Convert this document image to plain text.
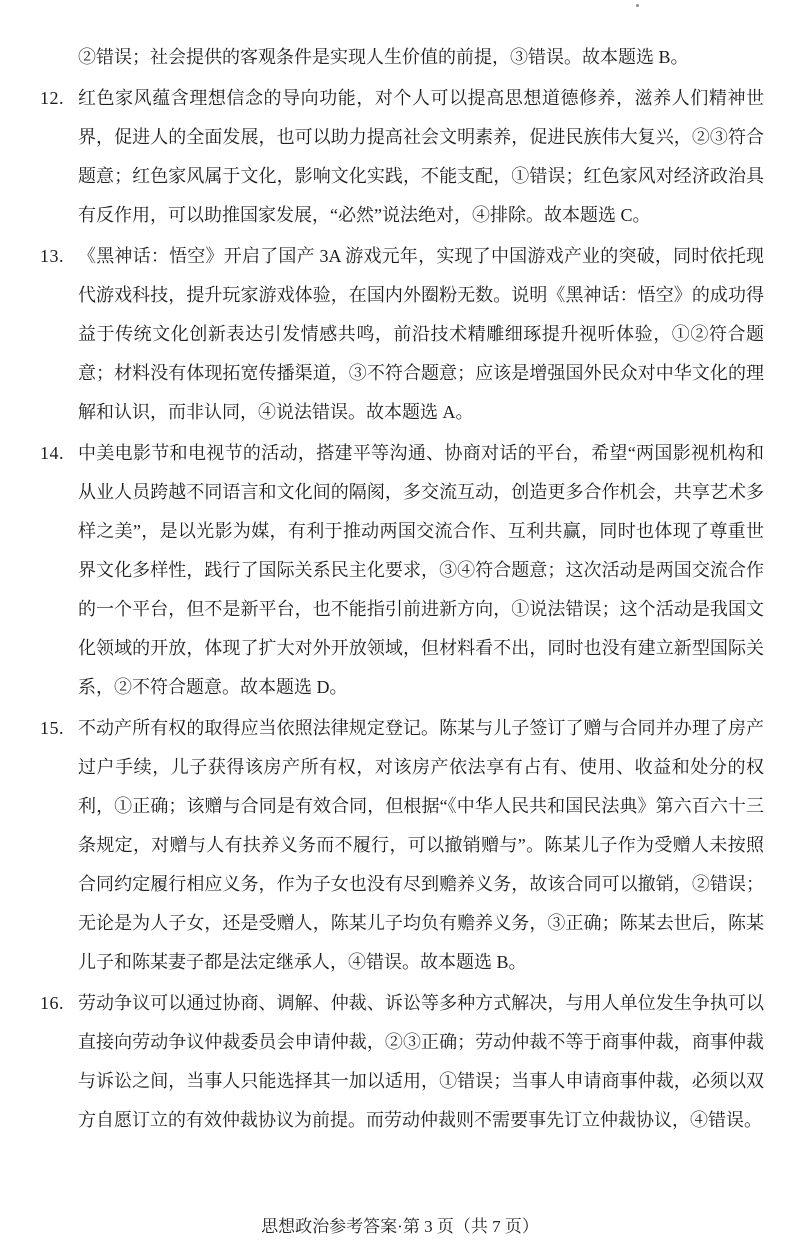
②错误；社会提供的客观条件是实现人生价值的前提，③错误。故本题选 B。

12. 红色家风蕴含理想信念的导向功能，对个人可以提高思想道德修养，滋养人们精神世界，促进人的全面发展，也可以助力提高社会文明素养，促进民族伟大复兴，②③符合题意；红色家风属于文化，影响文化实践，不能支配，①错误；红色家风对经济政治具有反作用，可以助推国家发展，“必然”说法绝对，④排除。故本题选 C。

13. 《黑神话：悟空》开启了国产 3A 游戏元年，实现了中国游戏产业的突破，同时依托现代游戏科技，提升玩家游戏体验，在国内外圈粉无数。说明《黑神话：悟空》的成功得益于传统文化创新表达引发情感共鸣，前沿技术精雕细琢提升视听体验，①②符合题意；材料没有体现拓宽传播渠道，③不符合题意；应该是增强国外民众对中华文化的理解和认识，而非认同，④说法错误。故本题选 A。

14. 中美电影节和电视节的活动，搭建平等沟通、协商对话的平台，希望“两国影视机构和从业人员跨越不同语言和文化间的隔阂，多交流互动，创造更多合作机会，共享艺术多样之美”，是以光影为媒，有利于推动两国交流合作、互利共赢，同时也体现了尊重世界文化多样性，践行了国际关系民主化要求，③④符合题意；这次活动是两国交流合作的一个平台，但不是新平台，也不能指引前进新方向，①说法错误；这个活动是我国文化领域的开放，体现了扩大对外开放领域，但材料看不出，同时也没有建立新型国际关系，②不符合题意。故本题选 D。

15. 不动产所有权的取得应当依照法律规定登记。陈某与儿子签订了赠与合同并办理了房产过户手续，儿子获得该房产所有权，对该房产依法享有占有、使用、收益和处分的权利，①正确；该赠与合同是有效合同，但根据“《中华人民共和国民法典》第六百六十三条规定，对赠与人有扶养义务而不履行，可以撤销赠与”。陈某儿子作为受赠人未按照合同约定履行相应义务，作为子女也没有尽到赡养义务，故该合同可以撤销，②错误；无论是为人子女，还是受赠人，陈某儿子均负有赡养义务，③正确；陈某去世后，陈某儿子和陈某妻子都是法定继承人，④错误。故本题选 B。

16. 劳动争议可以通过协商、调解、仲裁、诉讼等多种方式解决，与用人单位发生争执可以直接向劳动争议仲裁委员会申请仲裁，②③正确；劳动仲裁不等于商事仲裁，商事仲裁与诉讼之间，当事人只能选择其一加以适用，①错误；当事人申请商事仲裁，必须以双方自愿订立的有效仲裁协议为前提。而劳动仲裁则不需要事先订立仲裁协议，④错误。

思想政治参考答案·第 3 页（共 7 页）
